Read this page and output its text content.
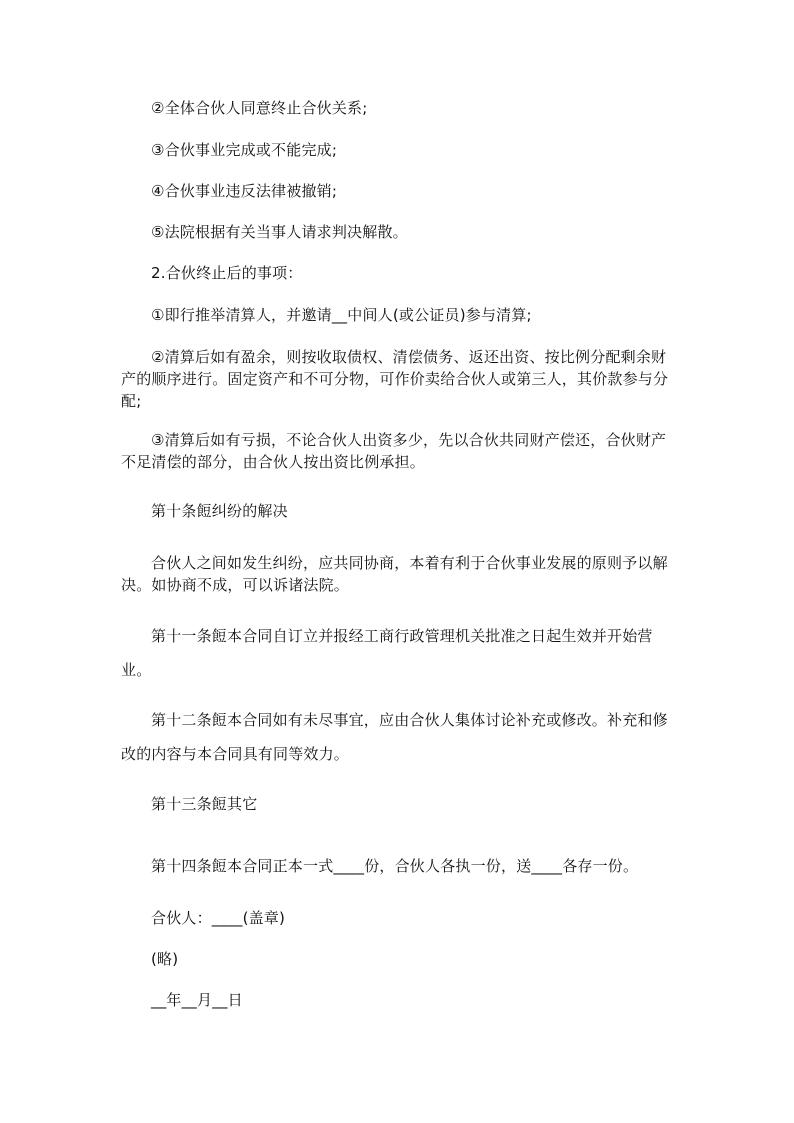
②全体合伙人同意终止合伙关系;

③合伙事业完成或不能完成;

④合伙事业违反法律被撤销;

⑤法院根据有关当事人请求判决解散。

2.合伙终止后的事项：

①即行推举清算人，并邀请__中间人(或公证员)参与清算;

②清算后如有盈余，则按收取债权、清偿债务、返还出资、按比例分配剩余财产的顺序进行。固定资产和不可分物，可作价卖给合伙人或第三人，其价款参与分配;

③清算后如有亏损，不论合伙人出资多少，先以合伙共同财产偿还，合伙财产不足清偿的部分，由合伙人按出资比例承担。

第十条餖纠纷的解决

合伙人之间如发生纠纷，应共同协商，本着有利于合伙事业发展的原则予以解决。如协商不成，可以诉诸法院。

第十一条餖本合同自订立并报经工商行政管理机关批准之日起生效并开始营业。

第十二条餖本合同如有未尽事宜，应由合伙人集体讨论补充或修改。补充和修改的内容与本合同具有同等效力。

第十三条餖其它

第十四条餖本合同正本一式____份，合伙人各执一份，送____各存一份。

合伙人：____(盖章)

(略)

__年__月__日
